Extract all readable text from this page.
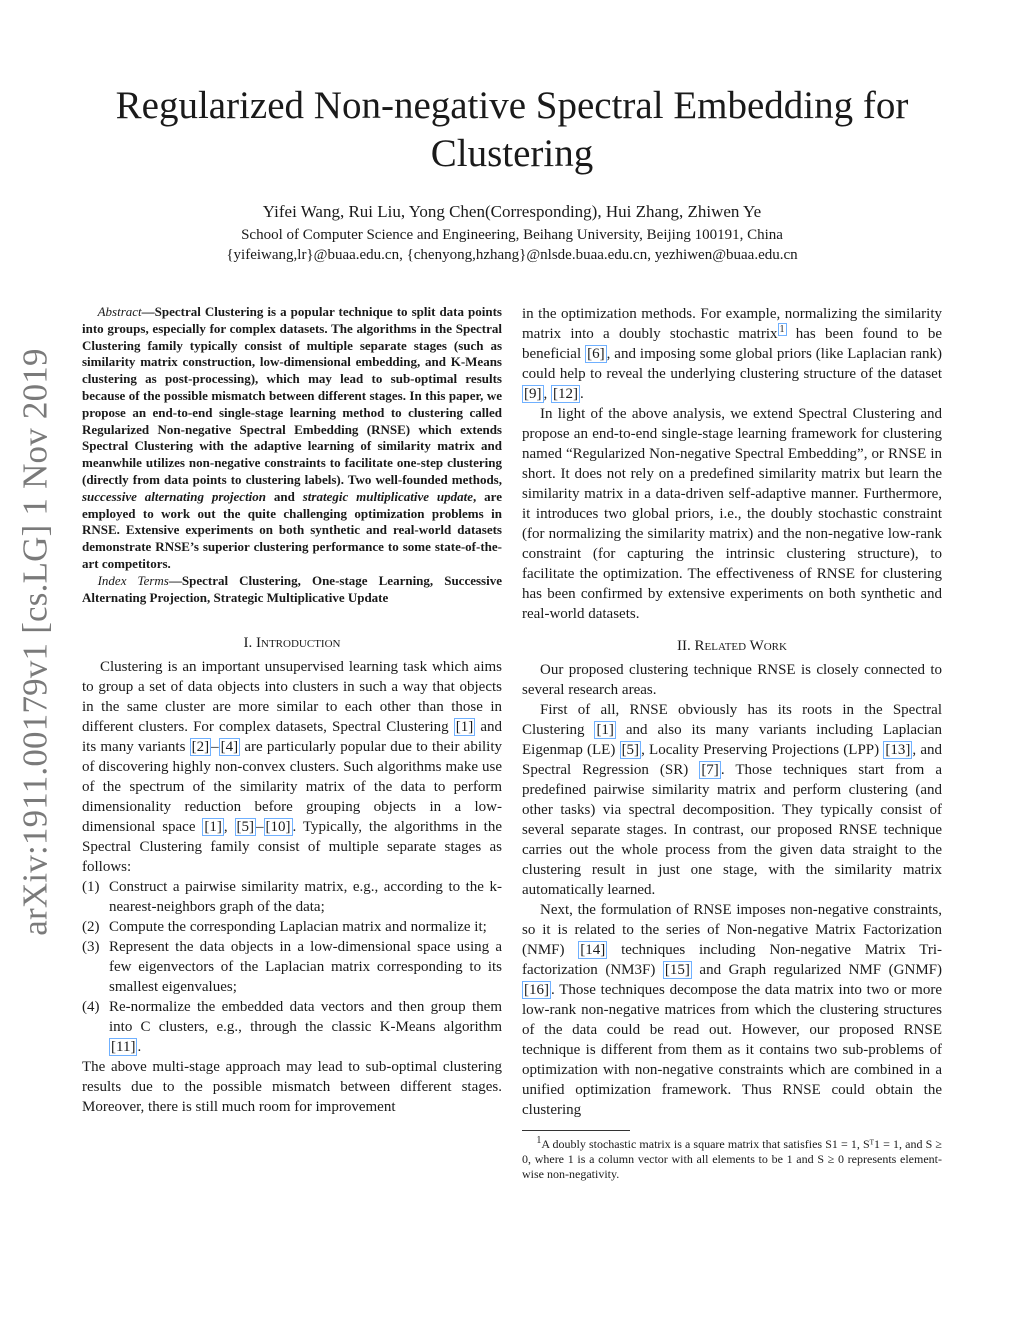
arXiv:1911.00179v1 [cs.LG] 1 Nov 2019
Regularized Non-negative Spectral Embedding for Clustering
Yifei Wang, Rui Liu, Yong Chen(Corresponding), Hui Zhang, Zhiwen Ye
School of Computer Science and Engineering, Beihang University, Beijing 100191, China
{yifeiwang,lr}@buaa.edu.cn, {chenyong,hzhang}@nlsde.buaa.edu.cn, yezhiwen@buaa.edu.cn

Abstract—Spectral Clustering is a popular technique to split data points into groups, especially for complex datasets. The algorithms in the Spectral Clustering family typically consist of multiple separate stages (such as similarity matrix construction, low-dimensional embedding, and K-Means clustering as post-processing), which may lead to sub-optimal results because of the possible mismatch between different stages. In this paper, we propose an end-to-end single-stage learning method to clustering called Regularized Non-negative Spectral Embedding (RNSE) which extends Spectral Clustering with the adaptive learning of similarity matrix and meanwhile utilizes non-negative constraints to facilitate one-step clustering (directly from data points to clustering labels). Two well-founded methods, successive alternating projection and strategic multiplicative update, are employed to work out the quite challenging optimization problems in RNSE. Extensive experiments on both synthetic and real-world datasets demonstrate RNSE’s superior clustering performance to some state-of-the-art competitors.

Index Terms—Spectral Clustering, One-stage Learning, Successive Alternating Projection, Strategic Multiplicative Update

I. Introduction

Clustering is an important unsupervised learning task which aims to group a set of data objects into clusters in such a way that objects in the same cluster are more similar to each other than those in different clusters. For complex datasets, Spectral Clustering [1] and its many variants [2] – [4] are particularly popular due to their ability of discovering highly non-convex clusters. Such algorithms make use of the spectrum of the similarity matrix of the data to perform dimensionality reduction before grouping objects in a low-dimensional space [1] , [5] – [10] . Typically, the algorithms in the Spectral Clustering family consist of multiple separate stages as follows:

(1) Construct a pairwise similarity matrix, e.g., according to the k-nearest-neighbors graph of the data;
(2) Compute the corresponding Laplacian matrix and normalize it;
(3) Represent the data objects in a low-dimensional space using a few eigenvectors of the Laplacian matrix corresponding to its smallest eigenvalues;
(4) Re-normalize the embedded data vectors and then group them into C clusters, e.g., through the classic K-Means algorithm [11] .

The above multi-stage approach may lead to sub-optimal clustering results due to the possible mismatch between different stages. Moreover, there is still much room for improvement

in the optimization methods. For example, normalizing the similarity matrix into a doubly stochastic matrix $^1$ has been found to be beneficial [6] , and imposing some global priors (like Laplacian rank) could help to reveal the underlying clustering structure of the dataset [9] , [12] .

In light of the above analysis, we extend Spectral Clustering and propose an end-to-end single-stage learning framework for clustering named “Regularized Non-negative Spectral Embedding”, or RNSE in short. It does not rely on a predefined similarity matrix but learn the similarity matrix in a data-driven self-adaptive manner. Furthermore, it introduces two global priors, i.e., the doubly stochastic constraint (for normalizing the similarity matrix) and the non-negative low-rank constraint (for capturing the intrinsic clustering structure), to facilitate the optimization. The effectiveness of RNSE for clustering has been confirmed by extensive experiments on both synthetic and real-world datasets.

II. Related Work

Our proposed clustering technique RNSE is closely connected to several research areas.

First of all, RNSE obviously has its roots in the Spectral Clustering [1] and also its many variants including Laplacian Eigenmap (LE) [5] , Locality Preserving Projections (LPP) [13] , and Spectral Regression (SR) [7] . Those techniques start from a predefined pairwise similarity matrix and perform clustering (and other tasks) via spectral decomposition. They typically consist of several separate stages. In contrast, our proposed RNSE technique carries out the whole process from the given data straight to the clustering result in just one stage, with the similarity matrix automatically learned.

Next, the formulation of RNSE imposes non-negative constraints, so it is related to the series of Non-negative Matrix Factorization (NMF) [14] techniques including Non-negative Matrix Tri-factorization (NM3F) [15] and Graph regularized NMF (GNMF) [16] . Those techniques decompose the data matrix into two or more low-rank non-negative matrices from which the clustering structures of the data could be read out. However, our proposed RNSE technique is different from them as it contains two sub-problems of optimization with non-negative constraints which are combined in a unified optimization framework. Thus RNSE could obtain the clustering

$^1$A doubly stochastic matrix is a square matrix that satisfies S1 = 1, Sᵀ1 = 1, and S ≥ 0, where 1 is a column vector with all elements to be 1 and S ≥ 0 represents element-wise non-negativity.
